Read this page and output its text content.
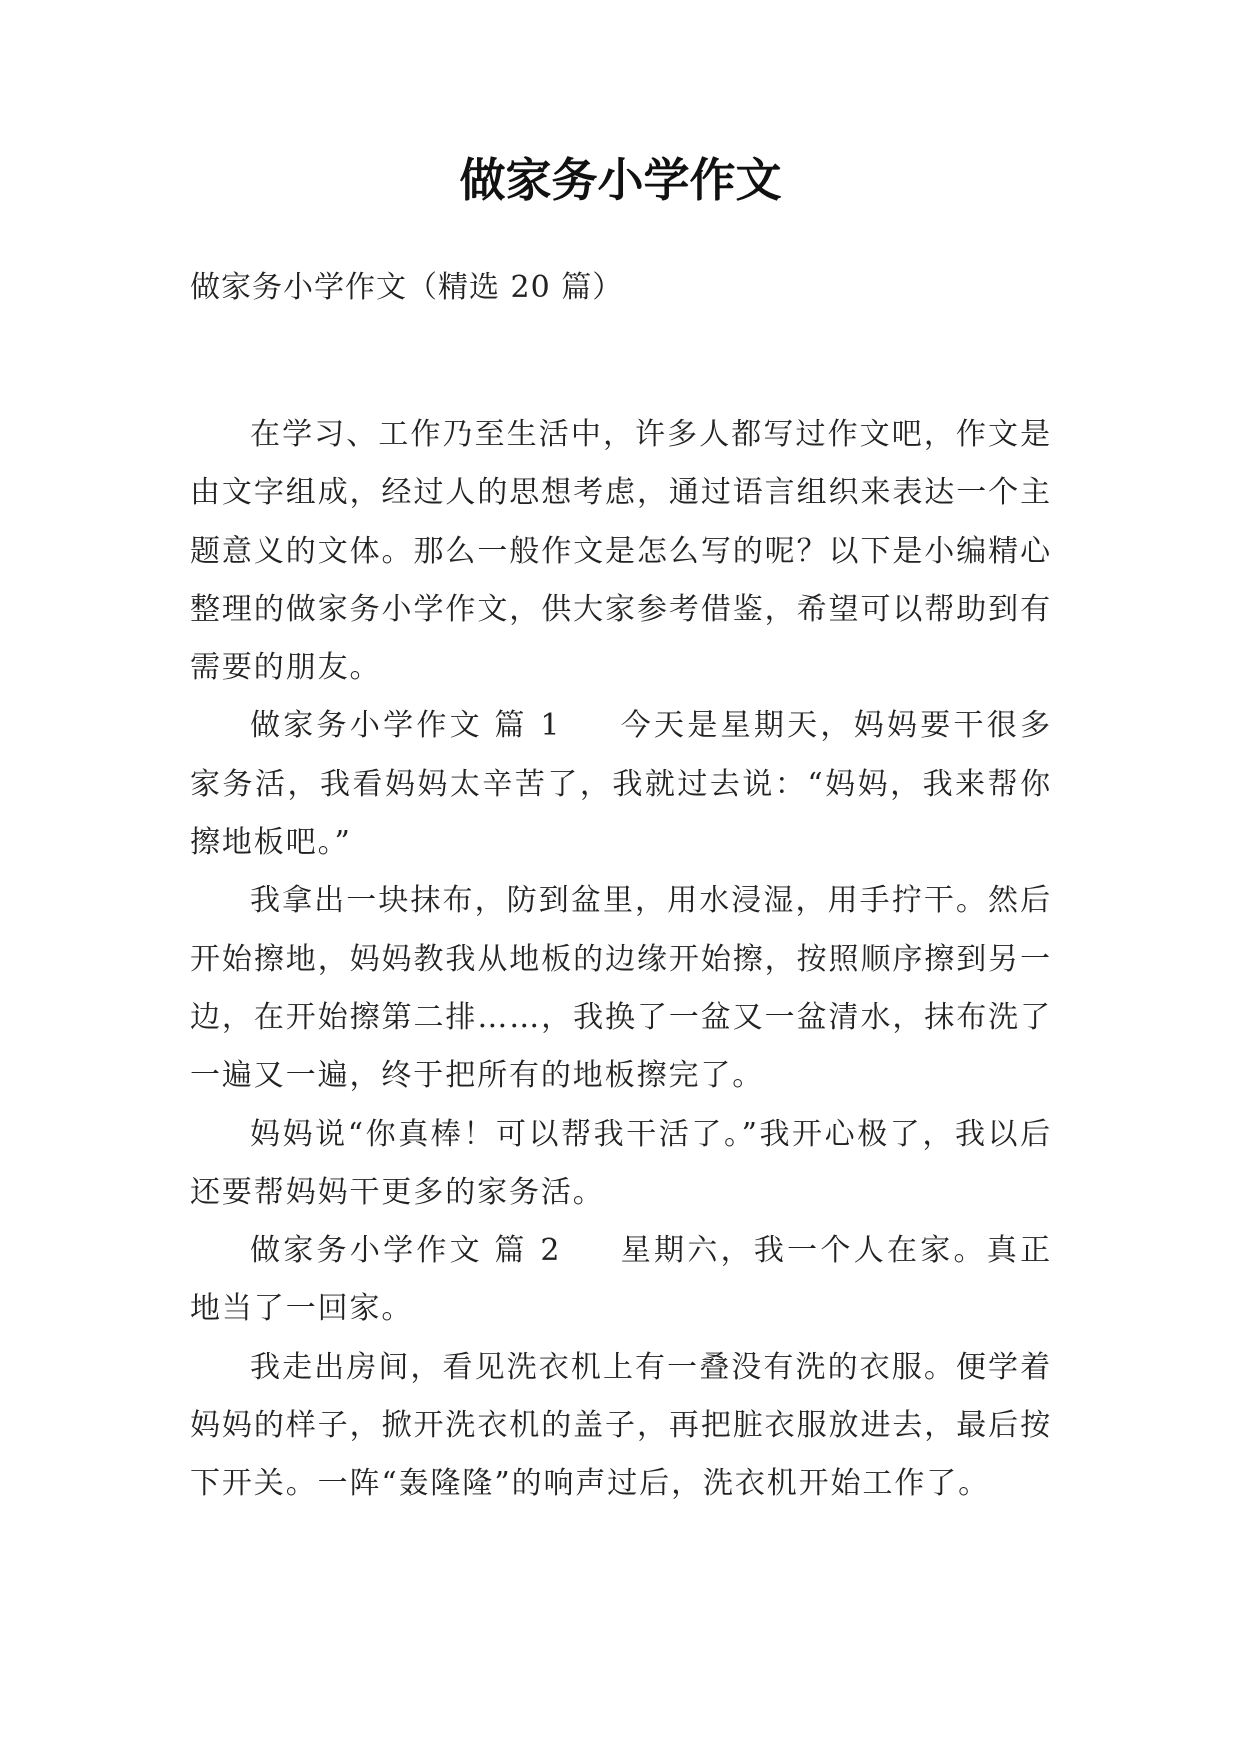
做家务小学作文

做家务小学作文（精选 20 篇）

在学习、工作乃至生活中，许多人都写过作文吧，作文是由文字组成，经过人的思想考虑，通过语言组织来表达一个主题意义的文体。那么一般作文是怎么写的呢？以下是小编精心整理的做家务小学作文，供大家参考借鉴，希望可以帮助到有需要的朋友。

做家务小学作文 篇 1 今天是星期天，妈妈要干很多家务活，我看妈妈太辛苦了，我就过去说：“妈妈，我来帮你擦地板吧。”

我拿出一块抹布，防到盆里，用水浸湿，用手拧干。然后开始擦地，妈妈教我从地板的边缘开始擦，按照顺序擦到另一边，在开始擦第二排……，我换了一盆又一盆清水，抹布洗了一遍又一遍，终于把所有的地板擦完了。

妈妈说“你真棒！可以帮我干活了。”我开心极了，我以后还要帮妈妈干更多的家务活。

做家务小学作文 篇 2 星期六，我一个人在家。真正地当了一回家。

我走出房间，看见洗衣机上有一叠没有洗的衣服。便学着妈妈的样子，掀开洗衣机的盖子，再把脏衣服放进去，最后按下开关。一阵“轰隆隆”的响声过后，洗衣机开始工作了。
